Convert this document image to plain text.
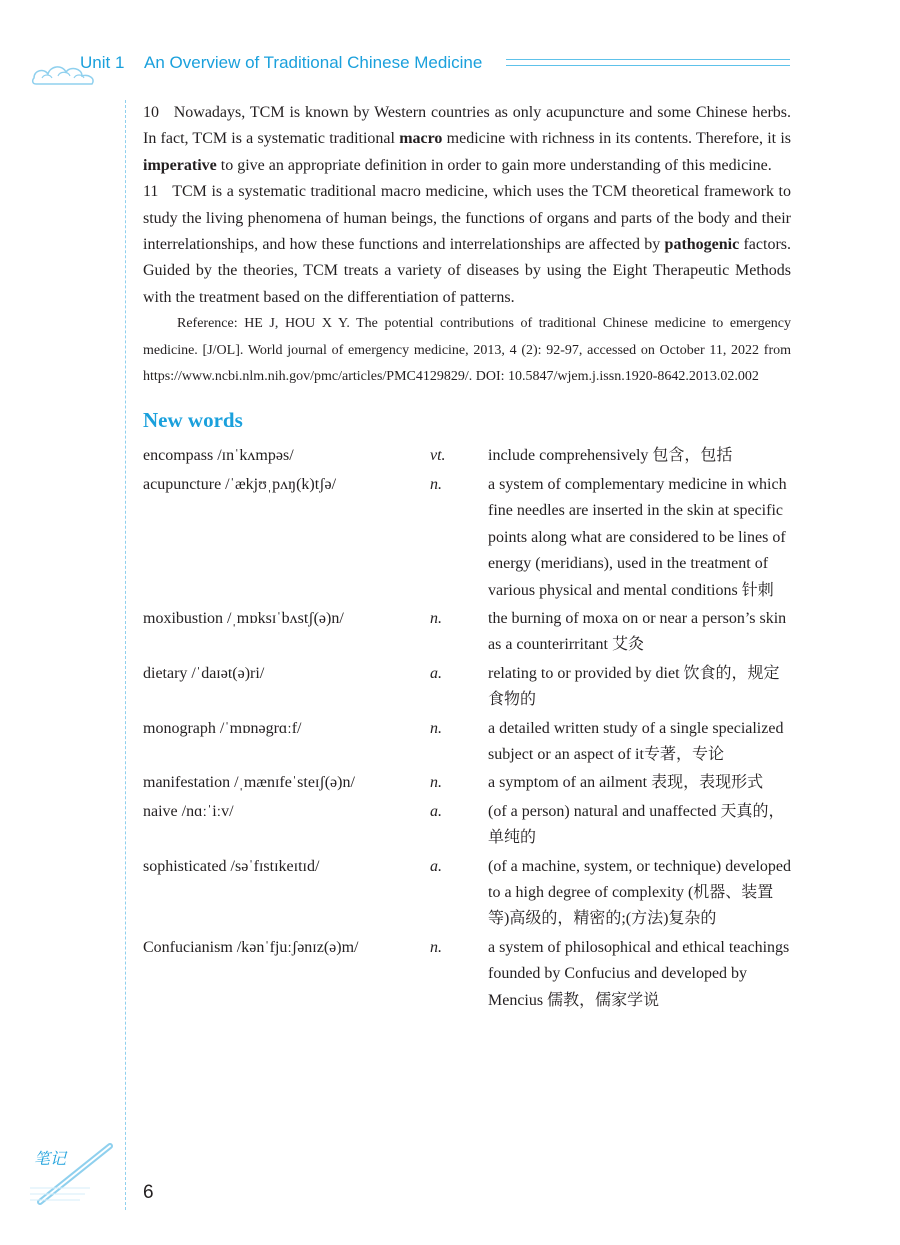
Unit 1 An Overview of Traditional Chinese Medicine

10 Nowadays, TCM is known by Western countries as only acupuncture and some Chinese herbs. In fact, TCM is a systematic traditional macro medicine with richness in its contents. Therefore, it is imperative to give an appropriate definition in order to gain more understanding of this medicine.

11 TCM is a systematic traditional macro medicine, which uses the TCM theoretical framework to study the living phenomena of human beings, the functions of organs and parts of the body and their interrelationships, and how these functions and interrelationships are affected by pathogenic factors. Guided by the theories, TCM treats a variety of diseases by using the Eight Therapeutic Methods with the treatment based on the differentiation of patterns.

Reference: HE J, HOU X Y. The potential contributions of traditional Chinese medicine to emergency medicine. [J/OL]. World journal of emergency medicine, 2013, 4 (2): 92-97, accessed on October 11, 2022 from https://www.ncbi.nlm.nih.gov/pmc/articles/PMC4129829/. DOI: 10.5847/wjem.j.issn.1920-8642.2013.02.002

New words
encompass /ɪnˈkʌmpəs/	vt.	include comprehensively 包含，包括
acupuncture /ˈækjʊˌpʌŋ(k)tʃə/	n.	a system of complementary medicine in which fine needles are inserted in the skin at specific points along what are considered to be lines of energy (meridians), used in the treatment of various physical and mental conditions 针刺
moxibustion /ˌmɒksɪˈbʌstʃ(ə)n/	n.	the burning of moxa on or near a person’s skin as a counterirritant 艾灸
dietary /ˈdaɪət(ə)ri/	a.	relating to or provided by diet 饮食的，规定食物的
monograph /ˈmɒnəgrɑːf/	n.	a detailed written study of a single specialized subject or an aspect of it专著，专论
manifestation /ˌmænɪfeˈsteɪʃ(ə)n/	n.	a symptom of an ailment 表现，表现形式
naive /nɑːˈiːv/	a.	(of a person) natural and unaffected 天真的，单纯的
sophisticated /səˈfɪstɪkeɪtɪd/	a.	(of a machine, system, or technique) developed to a high degree of complexity (机器、装置等)高级的，精密的;(方法)复杂的
Confucianism /kənˈfjuːʃənɪz(ə)m/	n.	a system of philosophical and ethical teachings founded by Confucius and developed by Mencius 儒教，儒家学说
笔记
6
